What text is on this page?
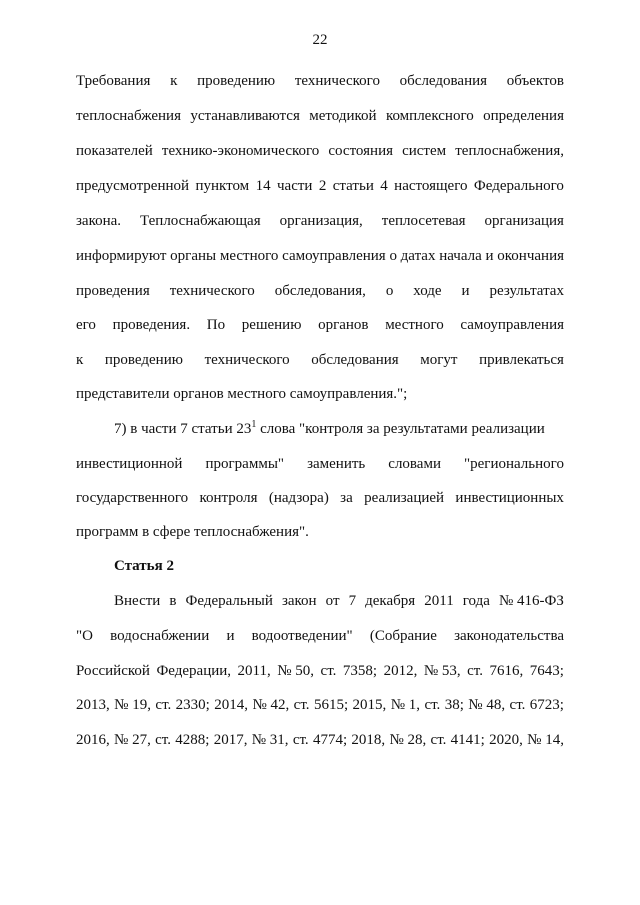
22
Требования к проведению технического обследования объектов
теплоснабжения устанавливаются методикой комплексного определения
показателей технико-экономического состояния систем теплоснабжения,
предусмотренной пунктом 14 части 2 статьи 4 настоящего Федерального
закона. Теплоснабжающая организация, теплосетевая организация
информируют органы местного самоуправления о датах начала и окончания
проведения технического обследования, о ходе и результатах
его проведения. По решению органов местного самоуправления
к проведению технического обследования могут привлекаться
представители органов местного самоуправления.";
7) в части 7 статьи $23^1$ слова "контроля за результатами реализации
инвестиционной программы" заменить словами "регионального
государственного контроля (надзора) за реализацией инвестиционных
программ в сфере теплоснабжения".
Статья 2
Внести в Федеральный закон от 7 декабря 2011 года № 416-ФЗ
"О водоснабжении и водоотведении" (Собрание законодательства
Российской Федерации, 2011, № 50, ст. 7358; 2012, № 53, ст. 7616, 7643;
2013, № 19, ст. 2330; 2014, № 42, ст. 5615; 2015, № 1, ст. 38; № 48, ст. 6723;
2016, № 27, ст. 4288; 2017, № 31, ст. 4774; 2018, № 28, ст. 4141; 2020, № 14,
